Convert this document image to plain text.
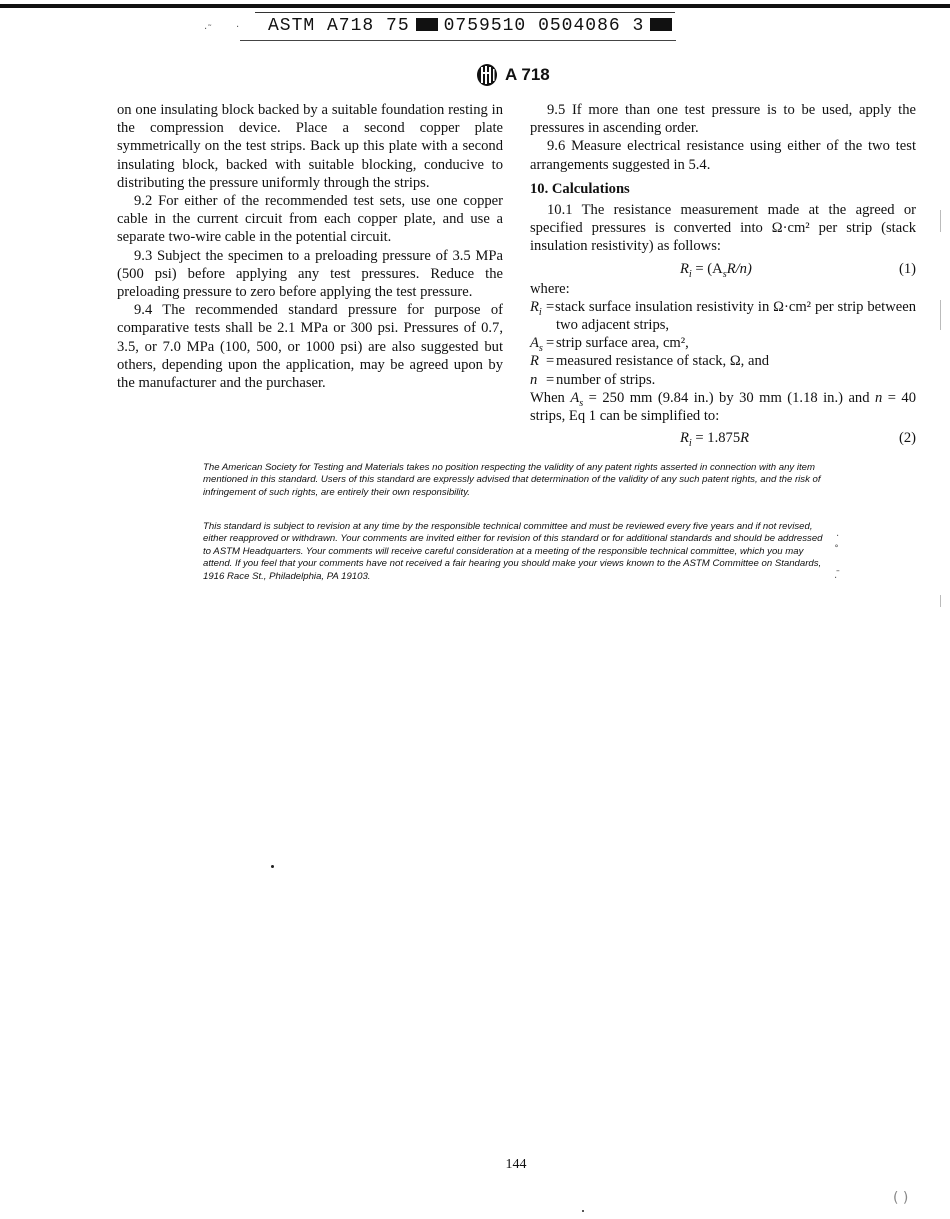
·˜ · ASTM A718 75 0759510 0504086 3
A 718

on one insulating block backed by a suitable foundation resting in the compression device. Place a second copper plate symmetrically on the test strips. Back up this plate with a second insulating block, backed with suitable blocking, conducive to distributing the pressure uniformly through the strips.

9.2 For either of the recommended test sets, use one copper cable in the current circuit from each copper plate, and use a separate two-wire cable in the potential circuit.

9.3 Subject the specimen to a preloading pressure of 3.5 MPa (500 psi) before applying any test pressures. Reduce the preloading pressure to zero before applying the test pressure.

9.4 The recommended standard pressure for purpose of comparative tests shall be 2.1 MPa or 300 psi. Pressures of 0.7, 3.5, or 7.0 MPa (100, 500, or 1000 psi) are also suggested but others, depending upon the application, may be agreed upon by the manufacturer and the purchaser.

9.5 If more than one test pressure is to be used, apply the pressures in ascending order.

9.6 Measure electrical resistance using either of the two test arrangements suggested in 5.4.

10. Calculations

10.1 The resistance measurement made at the agreed or specified pressures is converted into Ω·cm² per strip (stack insulation resistivity) as follows:

$R_i = (A_sR/n)$	(1)

where:

$R_i$ = stack surface insulation resistivity in Ω·cm² per strip between two adjacent strips,
$A_s$ = strip surface area, cm²,
R = measured resistance of stack, Ω, and
n = number of strips.

When $A_s = 250$ mm (9.84 in.) by 30 mm (1.18 in.) and n = 40 strips, Eq 1 can be simplified to:

$R_i = 1.875R$	(2)

The American Society for Testing and Materials takes no position respecting the validity of any patent rights asserted in connection with any item mentioned in this standard. Users of this standard are expressly advised that determination of the validity of any such patent rights, and the risk of infringement of such rights, are entirely their own responsibility.

This standard is subject to revision at any time by the responsible technical committee and must be reviewed every five years and if not revised, either reapproved or withdrawn. Your comments are invited either for revision of this standard or for additional standards and should be addressed to ASTM Headquarters. Your comments will receive careful consideration at a meeting of the responsible technical committee, which you may attend. If you feel that your comments have not received a fair hearing you should make your views known to the ASTM Committee on Standards, 1916 Race St., Philadelphia, PA 19103.

144
.
˚
. ̄
( )
